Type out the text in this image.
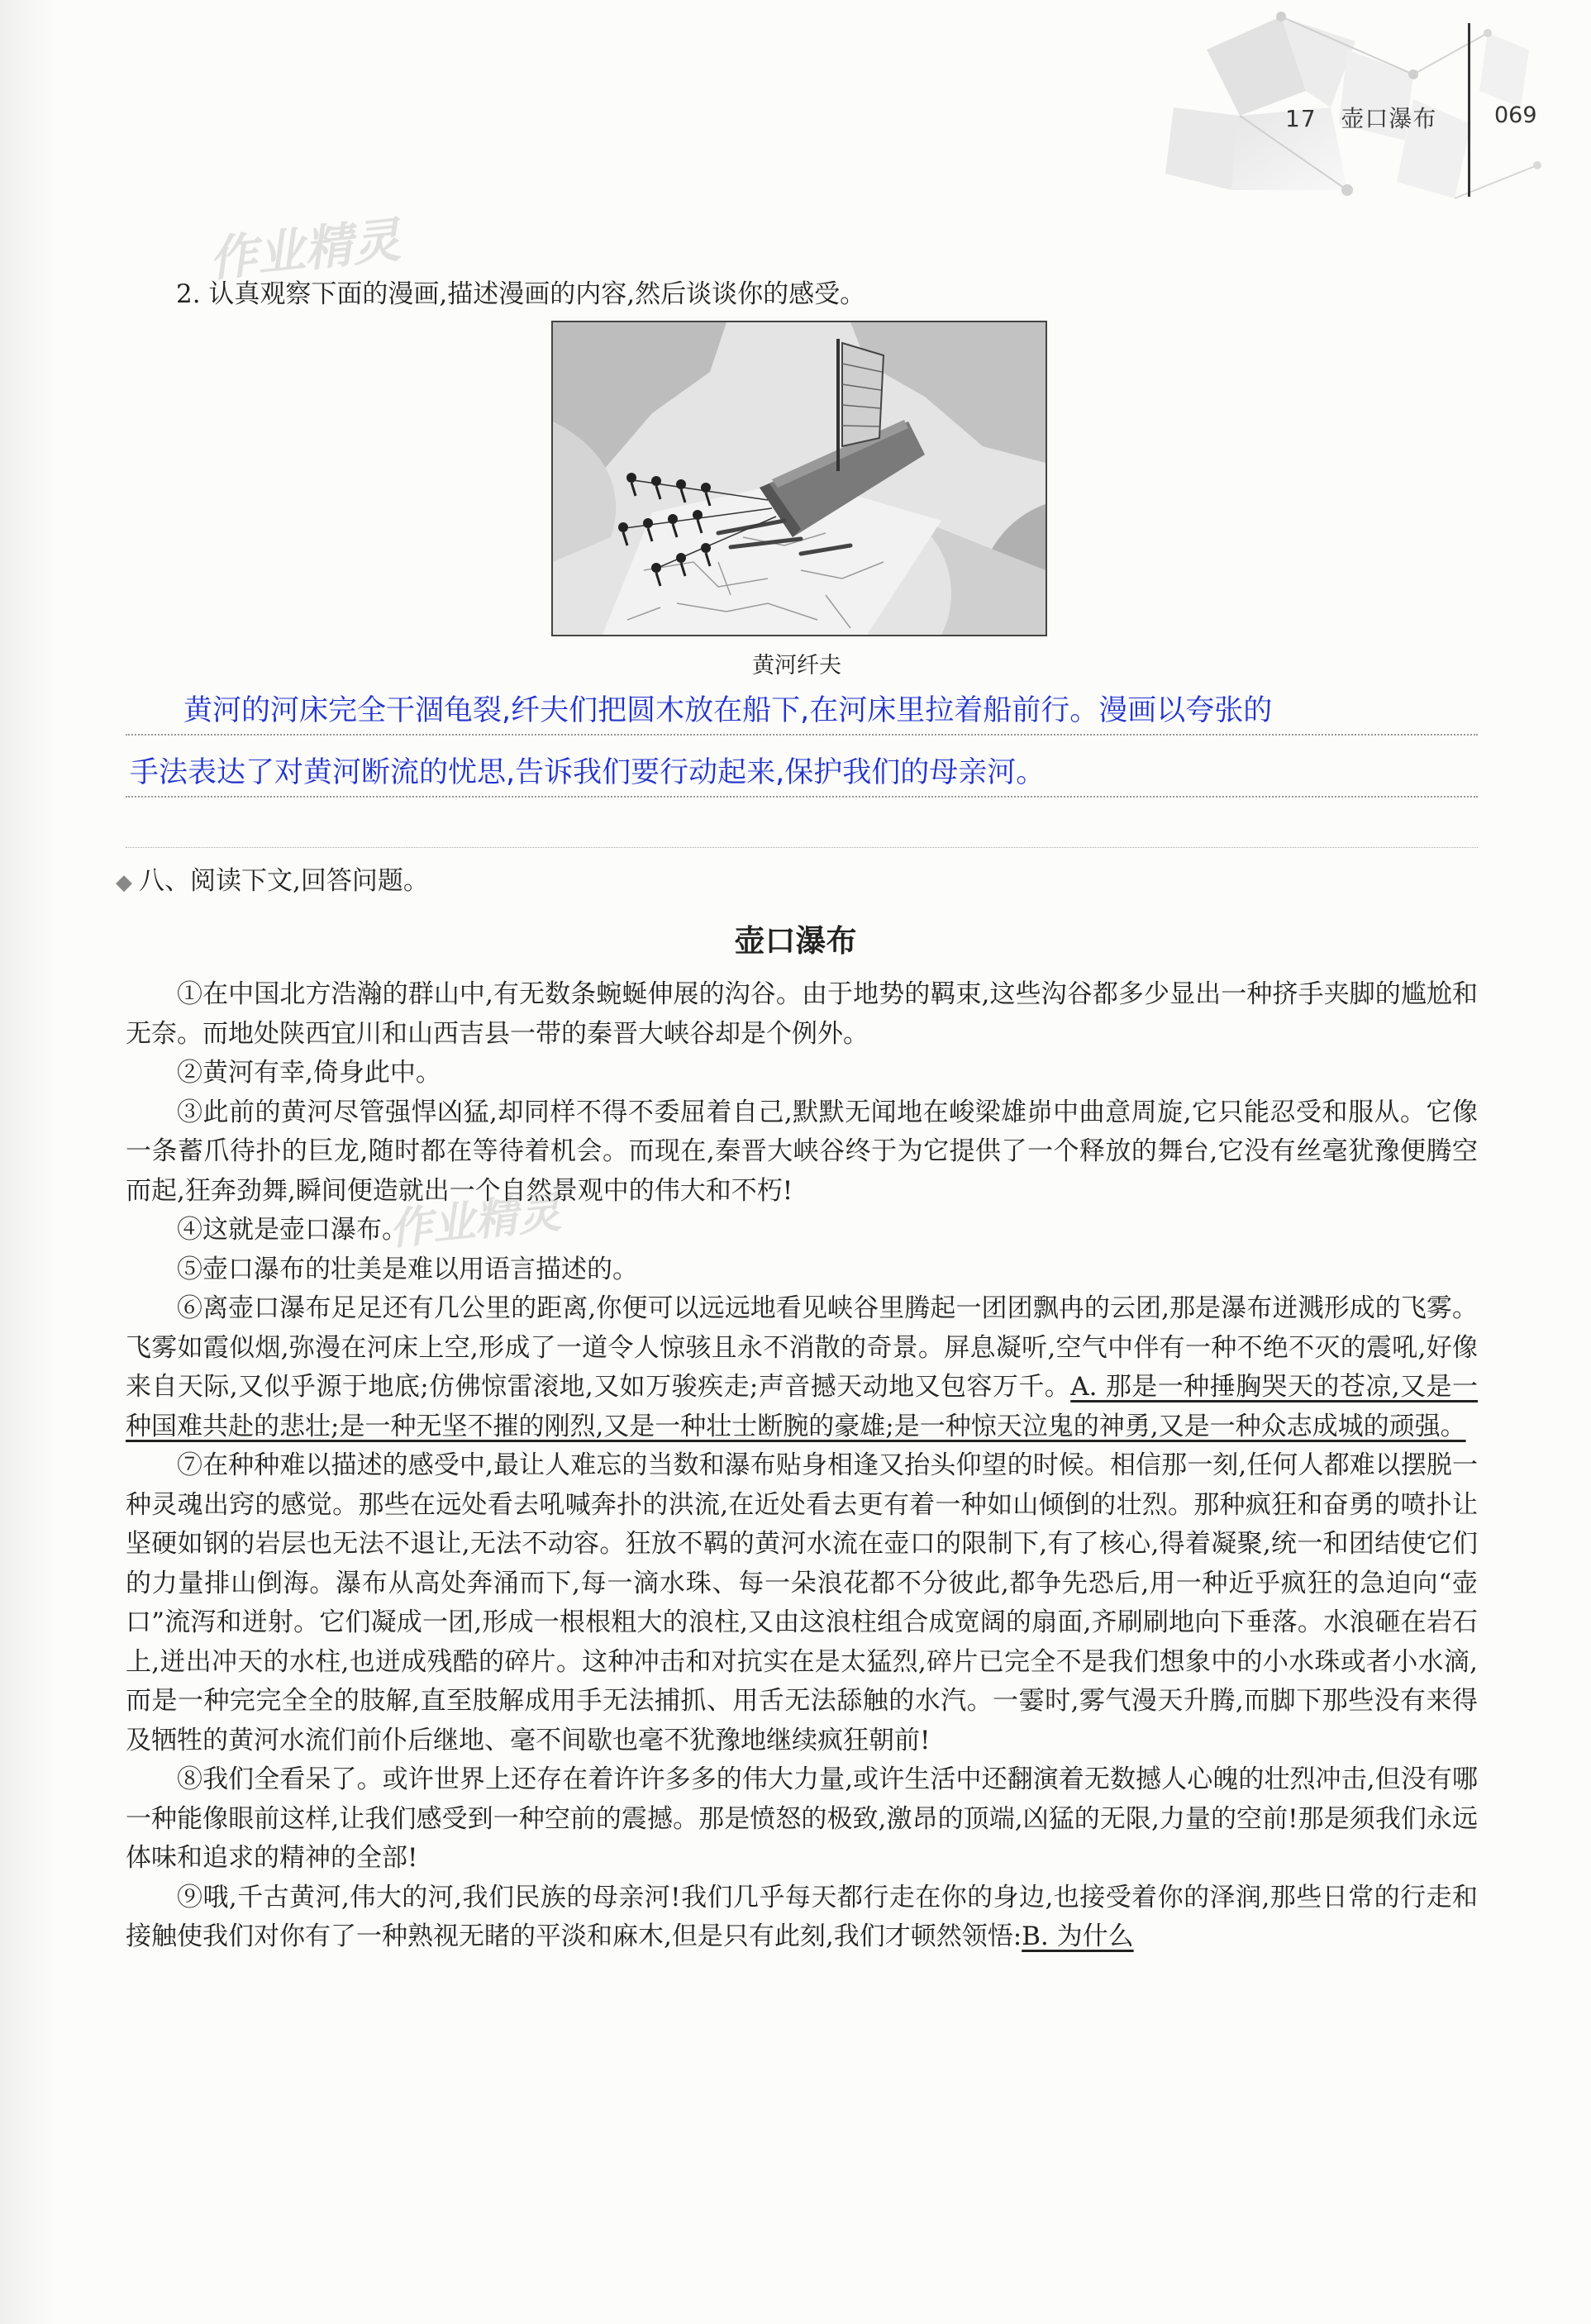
17 壶口瀑布	069
作业精灵
作业精灵
2. 认真观察下面的漫画,描述漫画的内容,然后谈谈你的感受。
黄河纤夫
黄河的河床完全干涸龟裂,纤夫们把圆木放在船下,在河床里拉着船前行。漫画以夸张的
手法表达了对黄河断流的忧思,告诉我们要行动起来,保护我们的母亲河。
◆ 八、阅读下文,回答问题。
壶口瀑布

①在中国北方浩瀚的群山中,有无数条蜿蜒伸展的沟谷。由于地势的羁束,这些沟谷都多少显出一种挤手夹脚的尴尬和无奈。而地处陕西宜川和山西吉县一带的秦晋大峡谷却是个例外。

②黄河有幸,倚身此中。

③此前的黄河尽管强悍凶猛,却同样不得不委屈着自己,默默无闻地在峻梁雄峁中曲意周旋,它只能忍受和服从。它像一条蓄爪待扑的巨龙,随时都在等待着机会。而现在,秦晋大峡谷终于为它提供了一个释放的舞台,它没有丝毫犹豫便腾空而起,狂奔劲舞,瞬间便造就出一个自然景观中的伟大和不朽!

④这就是壶口瀑布。

⑤壶口瀑布的壮美是难以用语言描述的。

⑥离壶口瀑布足足还有几公里的距离,你便可以远远地看见峡谷里腾起一团团飘冉的云团,那是瀑布迸溅形成的飞雾。飞雾如霞似烟,弥漫在河床上空,形成了一道令人惊骇且永不消散的奇景。屏息凝听,空气中伴有一种不绝不灭的震吼,好像来自天际,又似乎源于地底;仿佛惊雷滚地,又如万骏疾走;声音撼天动地又包容万千。A. 那是一种捶胸哭天的苍凉,又是一种国难共赴的悲壮;是一种无坚不摧的刚烈,又是一种壮士断腕的豪雄;是一种惊天泣鬼的神勇,又是一种众志成城的顽强。

⑦在种种难以描述的感受中,最让人难忘的当数和瀑布贴身相逢又抬头仰望的时候。相信那一刻,任何人都难以摆脱一种灵魂出窍的感觉。那些在远处看去吼喊奔扑的洪流,在近处看去更有着一种如山倾倒的壮烈。那种疯狂和奋勇的喷扑让坚硬如钢的岩层也无法不退让,无法不动容。狂放不羁的黄河水流在壶口的限制下,有了核心,得着凝聚,统一和团结使它们的力量排山倒海。瀑布从高处奔涌而下,每一滴水珠、每一朵浪花都不分彼此,都争先恐后,用一种近乎疯狂的急迫向“壶口”流泻和迸射。它们凝成一团,形成一根根粗大的浪柱,又由这浪柱组合成宽阔的扇面,齐刷刷地向下垂落。水浪砸在岩石上,迸出冲天的水柱,也迸成残酷的碎片。这种冲击和对抗实在是太猛烈,碎片已完全不是我们想象中的小水珠或者小水滴,而是一种完完全全的肢解,直至肢解成用手无法捕抓、用舌无法舔触的水汽。一霎时,雾气漫天升腾,而脚下那些没有来得及牺牲的黄河水流们前仆后继地、毫不间歇也毫不犹豫地继续疯狂朝前!

⑧我们全看呆了。或许世界上还存在着许许多多的伟大力量,或许生活中还翻演着无数撼人心魄的壮烈冲击,但没有哪一种能像眼前这样,让我们感受到一种空前的震撼。那是愤怒的极致,激昂的顶端,凶猛的无限,力量的空前!那是须我们永远体味和追求的精神的全部!

⑨哦,千古黄河,伟大的河,我们民族的母亲河!我们几乎每天都行走在你的身边,也接受着你的泽润,那些日常的行走和接触使我们对你有了一种熟视无睹的平淡和麻木,但是只有此刻,我们才顿然领悟:B. 为什么
